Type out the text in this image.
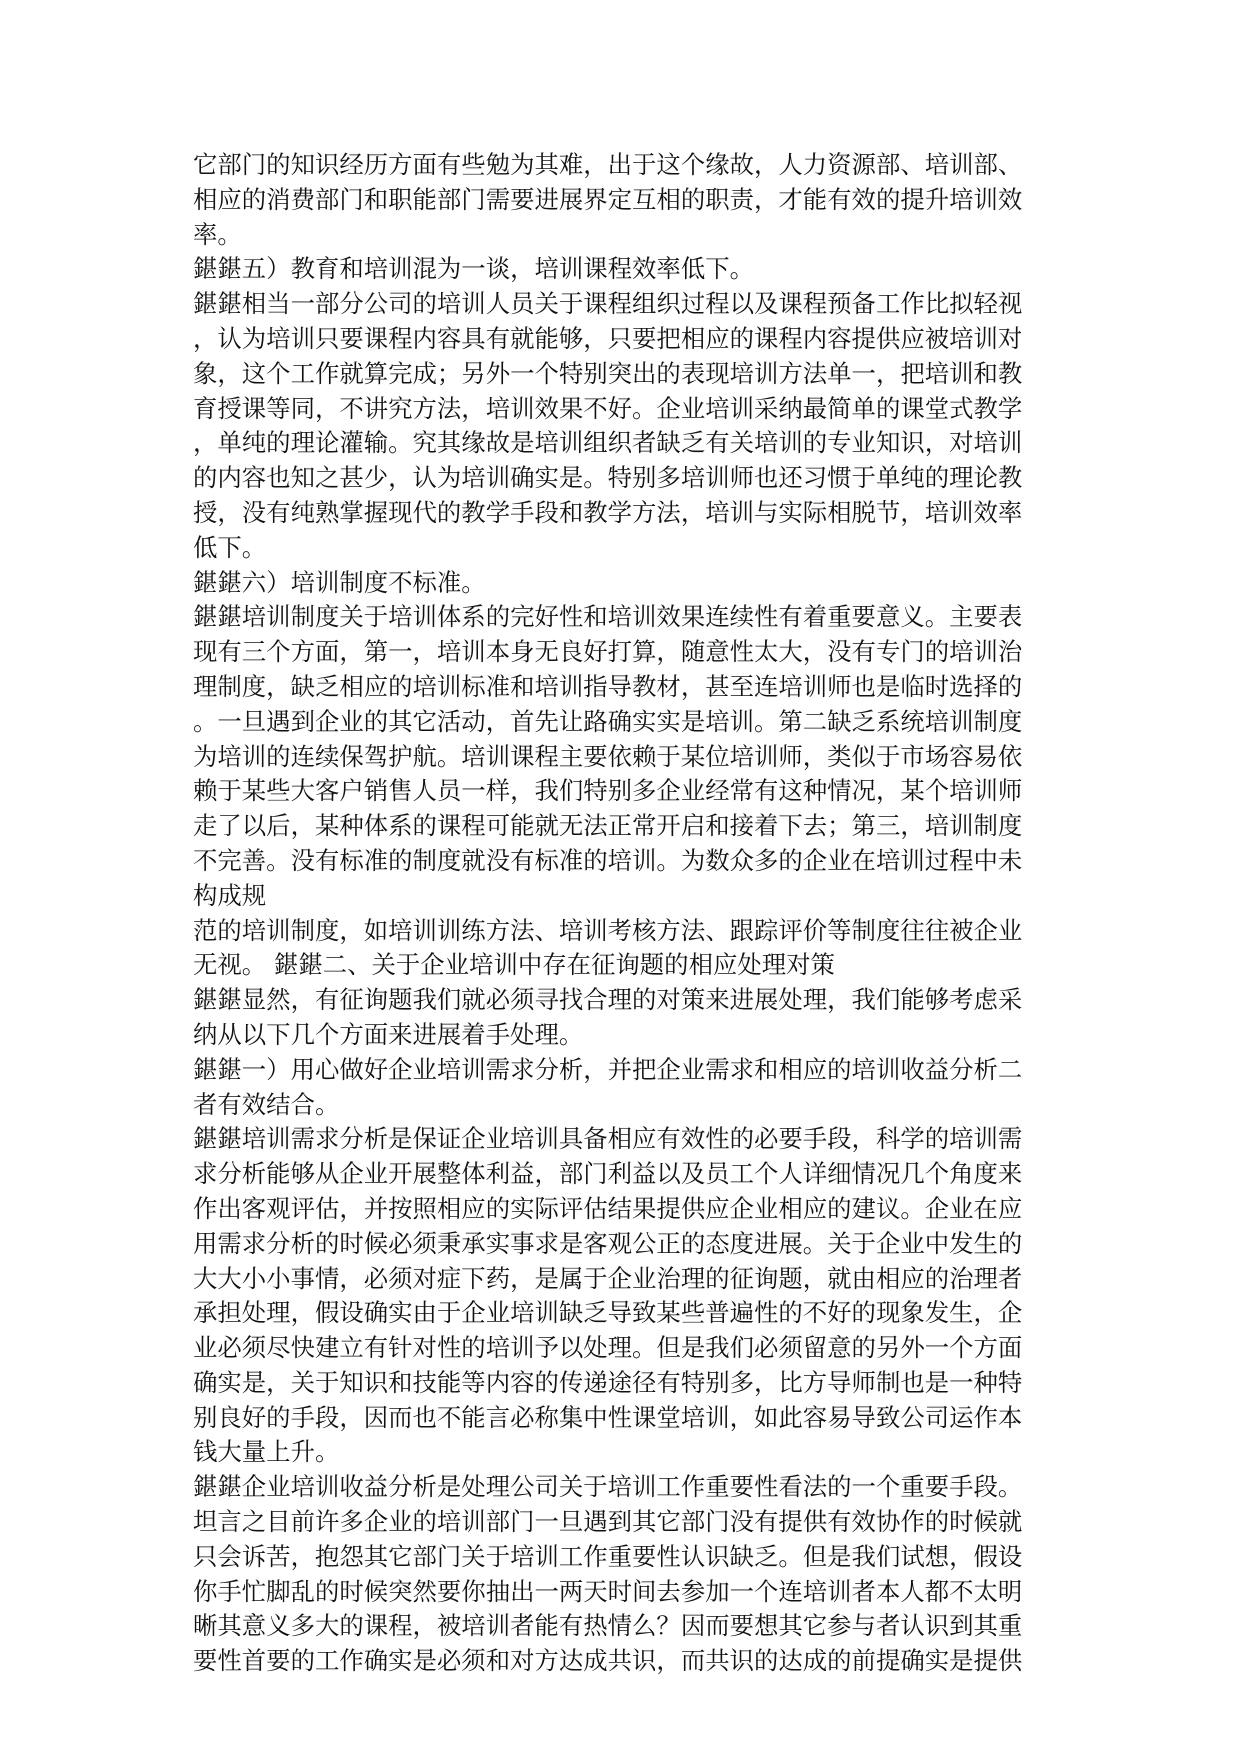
它部门的知识经历方面有些勉为其难，出于这个缘故，人力资源部、培训部、
相应的消费部门和职能部门需要进展界定互相的职责，才能有效的提升培训效
率。
鍖鍖五）教育和培训混为一谈，培训课程效率低下。
鍖鍖相当一部分公司的培训人员关于课程组织过程以及课程预备工作比拟轻视
，认为培训只要课程内容具有就能够，只要把相应的课程内容提供应被培训对
象，这个工作就算完成；另外一个特别突出的表现培训方法单一，把培训和教
育授课等同，不讲究方法，培训效果不好。企业培训采纳最简单的课堂式教学
，单纯的理论灌输。究其缘故是培训组织者缺乏有关培训的专业知识，对培训
的内容也知之甚少，认为培训确实是。特别多培训师也还习惯于单纯的理论教
授，没有纯熟掌握现代的教学手段和教学方法，培训与实际相脱节，培训效率
低下。
鍖鍖六）培训制度不标准。
鍖鍖培训制度关于培训体系的完好性和培训效果连续性有着重要意义。主要表
现有三个方面，第一，培训本身无良好打算，随意性太大，没有专门的培训治
理制度，缺乏相应的培训标准和培训指导教材，甚至连培训师也是临时选择的
。一旦遇到企业的其它活动，首先让路确实实是培训。第二缺乏系统培训制度
为培训的连续保驾护航。培训课程主要依赖于某位培训师，类似于市场容易依
赖于某些大客户销售人员一样，我们特别多企业经常有这种情况，某个培训师
走了以后，某种体系的课程可能就无法正常开启和接着下去；第三，培训制度
不完善。没有标准的制度就没有标准的培训。为数众多的企业在培训过程中未
构成规
范的培训制度，如培训训练方法、培训考核方法、跟踪评价等制度往往被企业
无视。 鍖鍖二、关于企业培训中存在征询题的相应处理对策
鍖鍖显然，有征询题我们就必须寻找合理的对策来进展处理，我们能够考虑采
纳从以下几个方面来进展着手处理。
鍖鍖一）用心做好企业培训需求分析，并把企业需求和相应的培训收益分析二
者有效结合。
鍖鍖培训需求分析是保证企业培训具备相应有效性的必要手段，科学的培训需
求分析能够从企业开展整体利益，部门利益以及员工个人详细情况几个角度来
作出客观评估，并按照相应的实际评估结果提供应企业相应的建议。企业在应
用需求分析的时候必须秉承实事求是客观公正的态度进展。关于企业中发生的
大大小小事情，必须对症下药，是属于企业治理的征询题，就由相应的治理者
承担处理，假设确实由于企业培训缺乏导致某些普遍性的不好的现象发生，企
业必须尽快建立有针对性的培训予以处理。但是我们必须留意的另外一个方面
确实是，关于知识和技能等内容的传递途径有特别多，比方导师制也是一种特
别良好的手段，因而也不能言必称集中性课堂培训，如此容易导致公司运作本
钱大量上升。
鍖鍖企业培训收益分析是处理公司关于培训工作重要性看法的一个重要手段。
坦言之目前许多企业的培训部门一旦遇到其它部门没有提供有效协作的时候就
只会诉苦，抱怨其它部门关于培训工作重要性认识缺乏。但是我们试想，假设
你手忙脚乱的时候突然要你抽出一两天时间去参加一个连培训者本人都不太明
晰其意义多大的课程，被培训者能有热情么？因而要想其它参与者认识到其重
要性首要的工作确实是必须和对方达成共识，而共识的达成的前提确实是提供
